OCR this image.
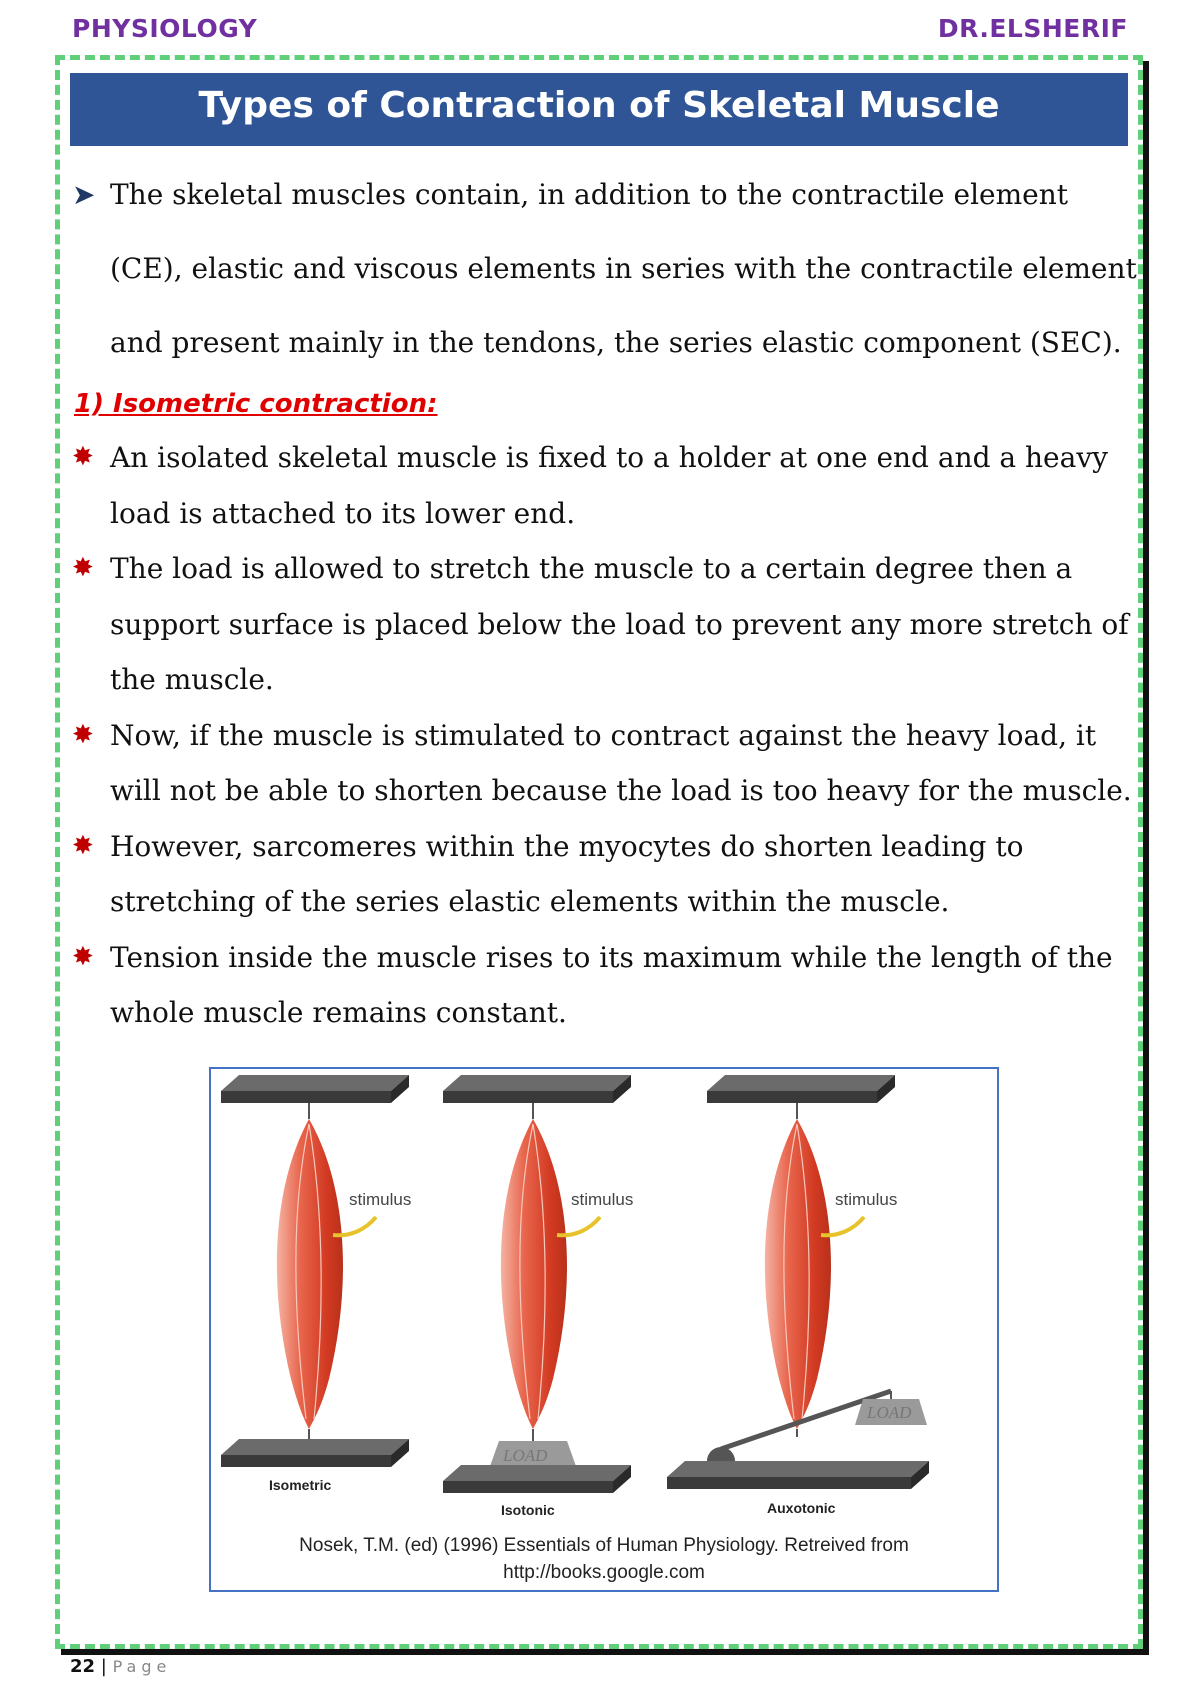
PHYSIOLOGY	DR.ELSHERIF
Types of Contraction of Skeletal Muscle
➤ The skeletal muscles contain, in addition to the contractile element (CE), elastic and viscous elements in series with the contractile element and present mainly in the tendons, the series elastic component (SEC).
1) Isometric contraction:
✸ An isolated skeletal muscle is fixed to a holder at one end and a heavy load is attached to its lower end.
✸ The load is allowed to stretch the muscle to a certain degree then a support surface is placed below the load to prevent any more stretch of the muscle.
✸ Now, if the muscle is stimulated to contract against the heavy load, it will not be able to shorten because the load is too heavy for the muscle.
✸ However, sarcomeres within the myocytes do shorten leading to stretching of the series elastic elements within the muscle.
✸ Tension inside the muscle rises to its maximum while the length of the whole muscle remains constant.
stimulus
Isometric
stimulus
LOAD
Isotonic
stimulus
LOAD
Auxotonic
Nosek, T.M. (ed) (1996) Essentials of Human Physiology. Retreived from
http://books.google.com
22 | Page
